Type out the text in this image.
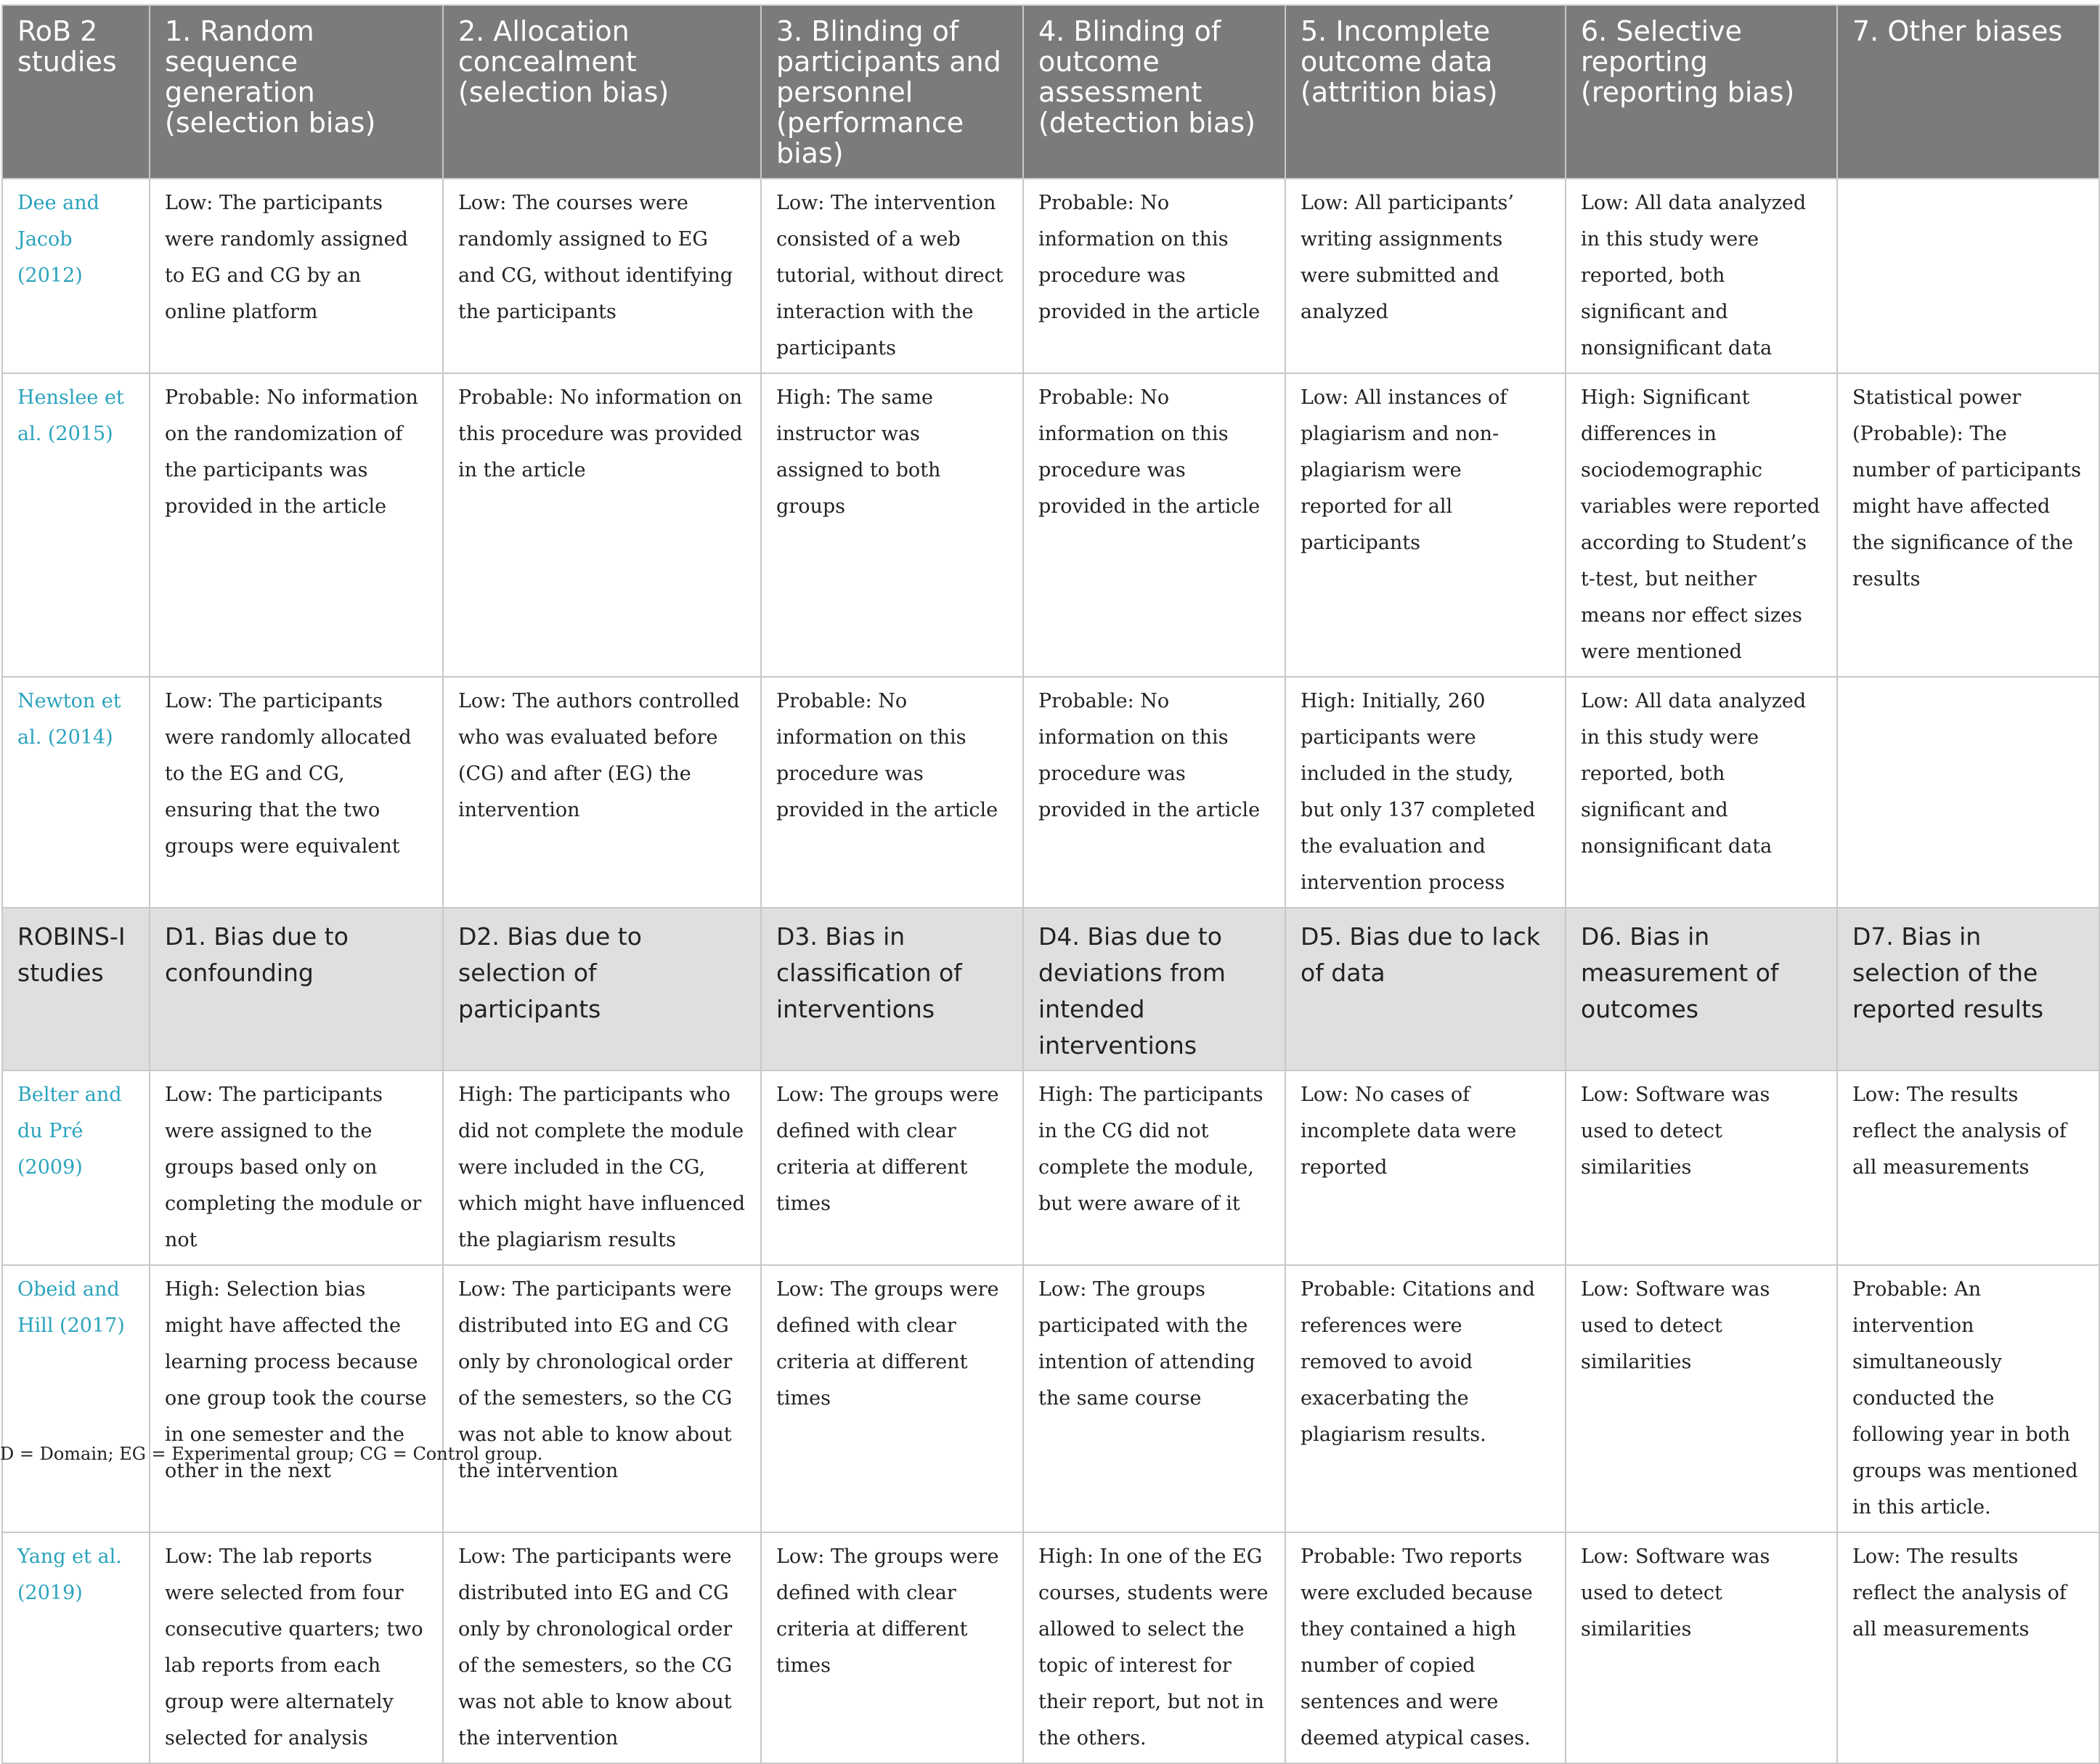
RoB 2 studies	1. Random sequence generation (selection bias)	2. Allocation concealment (selection bias)	3. Blinding of participants and personnel (performance bias)	4. Blinding of outcome assessment (detection bias)	5. Incomplete outcome data (attrition bias)	6. Selective reporting (reporting bias)	7. Other biases
Dee and Jacob (2012)	Low: The participants were randomly assigned to EG and CG by an online platform	Low: The courses were randomly assigned to EG and CG, without identifying the participants	Low: The intervention consisted of a web tutorial, without direct interaction with the participants	Probable: No information on this procedure was provided in the article	Low: All participants’ writing assignments were submitted and analyzed	Low: All data analyzed in this study were reported, both significant and nonsignificant data	
Henslee et al. (2015)	Probable: No information on the randomization of the participants was provided in the article	Probable: No information on this procedure was provided in the article	High: The same instructor was assigned to both groups	Probable: No information on this procedure was provided in the article	Low: All instances of plagiarism and non-plagiarism were reported for all participants	High: Significant differences in sociodemographic variables were reported according to Student’s t-test, but neither means nor effect sizes were mentioned	Statistical power (Probable): The number of participants might have affected the significance of the results
Newton et al. (2014)	Low: The participants were randomly allocated to the EG and CG, ensuring that the two groups were equivalent	Low: The authors controlled who was evaluated before (CG) and after (EG) the intervention	Probable: No information on this procedure was provided in the article	Probable: No information on this procedure was provided in the article	High: Initially, 260 participants were included in the study, but only 137 completed the evaluation and intervention process	Low: All data analyzed in this study were reported, both significant and nonsignificant data	
ROBINS-I studies	D1. Bias due to confounding	D2. Bias due to selection of participants	D3. Bias in classification of interventions	D4. Bias due to deviations from intended interventions	D5. Bias due to lack of data	D6. Bias in measurement of outcomes	D7. Bias in selection of the reported results
Belter and du Pré (2009)	Low: The participants were assigned to the groups based only on completing the module or not	High: The participants who did not complete the module were included in the CG, which might have influenced the plagiarism results	Low: The groups were defined with clear criteria at different times	High: The participants in the CG did not complete the module, but were aware of it	Low: No cases of incomplete data were reported	Low: Software was used to detect similarities	Low: The results reflect the analysis of all measurements
Obeid and Hill (2017)	High: Selection bias might have affected the learning process because one group took the course in one semester and the other in the next	Low: The participants were distributed into EG and CG only by chronological order of the semesters, so the CG was not able to know about the intervention	Low: The groups were defined with clear criteria at different times	Low: The groups participated with the intention of attending the same course	Probable: Citations and references were removed to avoid exacerbating the plagiarism results.	Low: Software was used to detect similarities	Probable: An intervention simultaneously conducted the following year in both groups was mentioned in this article.
Yang et al. (2019)	Low: The lab reports were selected from four consecutive quarters; two lab reports from each group were alternately selected for analysis	Low: The participants were distributed into EG and CG only by chronological order of the semesters, so the CG was not able to know about the intervention	Low: The groups were defined with clear criteria at different times	High: In one of the EG courses, students were allowed to select the topic of interest for their report, but not in the others.	Probable: Two reports were excluded because they contained a high number of copied sentences and were deemed atypical cases.	Low: Software was used to detect similarities	Low: The results reflect the analysis of all measurements
D = Domain; EG = Experimental group; CG = Control group.
